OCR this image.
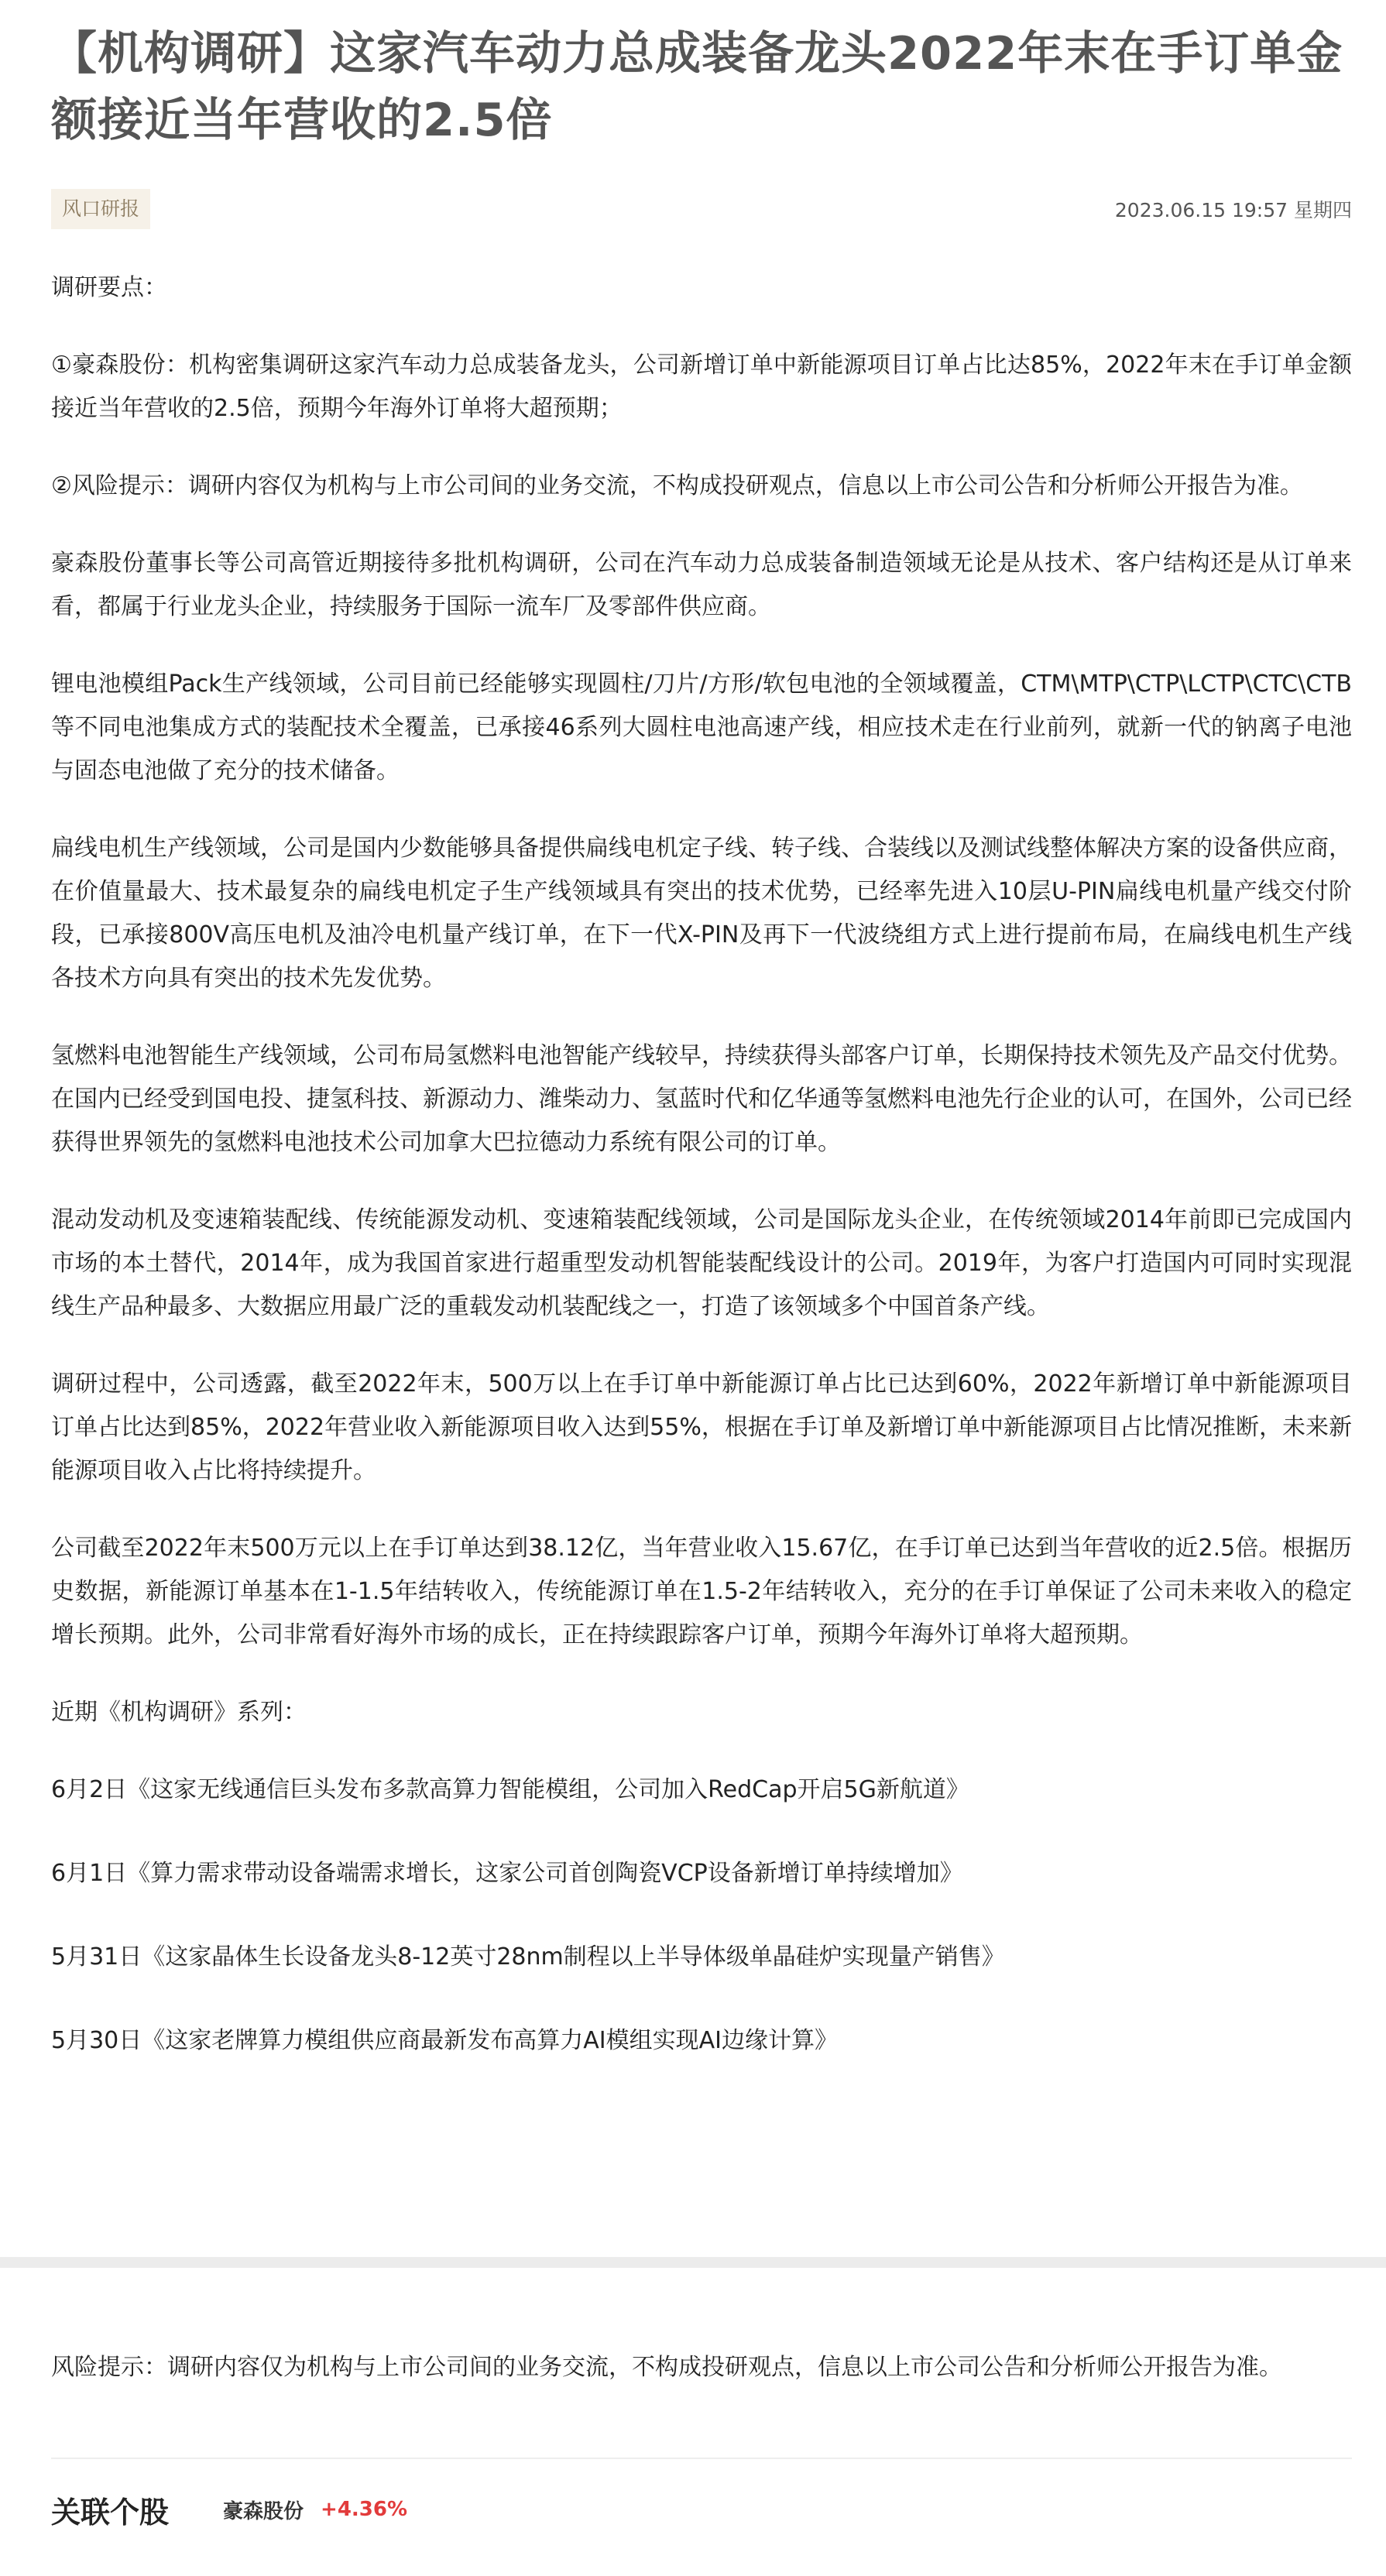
【机构调研】这家汽车动力总成装备龙头2022年末在手订单金额接近当年营收的2.5倍
风口研报	2023.06.15 19:57 星期四

调研要点：

①豪森股份：机构密集调研这家汽车动力总成装备龙头，公司新增订单中新能源项目订单占比达85%，2022年末在手订单金额接近当年营收的2.5倍，预期今年海外订单将大超预期；

②风险提示：调研内容仅为机构与上市公司间的业务交流，不构成投研观点，信息以上市公司公告和分析师公开报告为准。

豪森股份董事长等公司高管近期接待多批机构调研，公司在汽车动力总成装备制造领域无论是从技术、客户结构还是从订单来看，都属于行业龙头企业，持续服务于国际一流车厂及零部件供应商。

锂电池模组Pack生产线领域，公司目前已经能够实现圆柱/刀片/方形/软包电池的全领域覆盖，CTM\MTP\CTP\LCTP\CTC\CTB等不同电池集成方式的装配技术全覆盖，已承接46系列大圆柱电池高速产线，相应技术走在行业前列，就新一代的钠离子电池与固态电池做了充分的技术储备。

扁线电机生产线领域，公司是国内少数能够具备提供扁线电机定子线、转子线、合装线以及测试线整体解决方案的设备供应商，在价值量最大、技术最复杂的扁线电机定子生产线领域具有突出的技术优势，已经率先进入10层U-PIN扁线电机量产线交付阶段，已承接800V高压电机及油冷电机量产线订单，在下一代X-PIN及再下一代波绕组方式上进行提前布局，在扁线电机生产线各技术方向具有突出的技术先发优势。

氢燃料电池智能生产线领域，公司布局氢燃料电池智能产线较早，持续获得头部客户订单，长期保持技术领先及产品交付优势。在国内已经受到国电投、捷氢科技、新源动力、潍柴动力、氢蓝时代和亿华通等氢燃料电池先行企业的认可，在国外，公司已经获得世界领先的氢燃料电池技术公司加拿大巴拉德动力系统有限公司的订单。

混动发动机及变速箱装配线、传统能源发动机、变速箱装配线领域，公司是国际龙头企业，在传统领域2014年前即已完成国内市场的本土替代，2014年，成为我国首家进行超重型发动机智能装配线设计的公司。2019年，为客户打造国内可同时实现混线生产品种最多、大数据应用最广泛的重载发动机装配线之一，打造了该领域多个中国首条产线。

调研过程中，公司透露，截至2022年末，500万以上在手订单中新能源订单占比已达到60%，2022年新增订单中新能源项目订单占比达到85%，2022年营业收入新能源项目收入达到55%，根据在手订单及新增订单中新能源项目占比情况推断，未来新能源项目收入占比将持续提升。

公司截至2022年末500万元以上在手订单达到38.12亿，当年营业收入15.67亿，在手订单已达到当年营收的近2.5倍。根据历史数据，新能源订单基本在1-1.5年结转收入，传统能源订单在1.5-2年结转收入，充分的在手订单保证了公司未来收入的稳定增长预期。此外，公司非常看好海外市场的成长，正在持续跟踪客户订单，预期今年海外订单将大超预期。

近期《机构调研》系列：

6月2日《这家无线通信巨头发布多款高算力智能模组，公司加入RedCap开启5G新航道》

6月1日《算力需求带动设备端需求增长，这家公司首创陶瓷VCP设备新增订单持续增加》

5月31日《这家晶体生长设备龙头8-12英寸28nm制程以上半导体级单晶硅炉实现量产销售》

5月30日《这家老牌算力模组供应商最新发布高算力AI模组实现AI边缘计算》

风险提示：调研内容仅为机构与上市公司间的业务交流，不构成投研观点，信息以上市公司公告和分析师公开报告为准。

关联个股	豪森股份 +4.36%
